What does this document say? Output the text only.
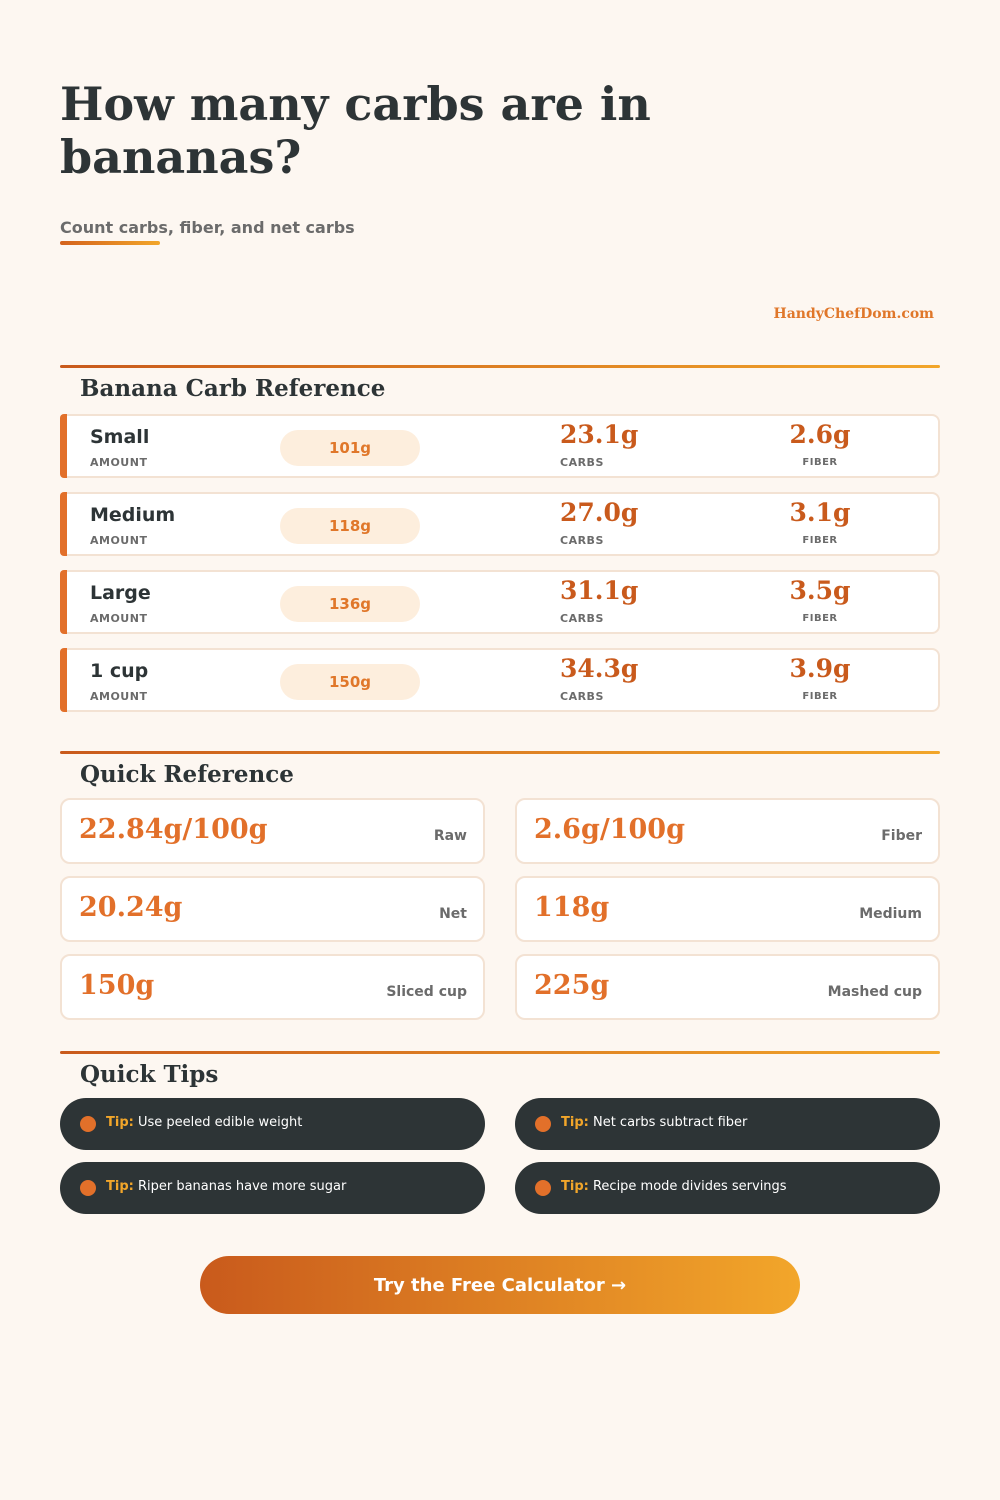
How many carbs are in bananas?
Count carbs, fiber, and net carbs
HandyChefDom.com
Banana Carb Reference
Small
AMOUNT
101g	23.1g
CARBS
2.6g
FIBER
Medium
AMOUNT
118g	27.0g
CARBS
3.1g
FIBER
Large
AMOUNT
136g	31.1g
CARBS
3.5g
FIBER
1 cup
AMOUNT
150g	34.3g
CARBS
3.9g
FIBER
Quick Reference
22.84g/100g	Raw 2.6g/100g	Fiber
20.24g	Net 118g	Medium
150g	Sliced cup 225g	Mashed cup
Quick Tips
Tip: Use peeled edible weight	Tip: Net carbs subtract fiber
Tip: Riper bananas have more sugar	Tip: Recipe mode divides servings
Try the Free Calculator →
